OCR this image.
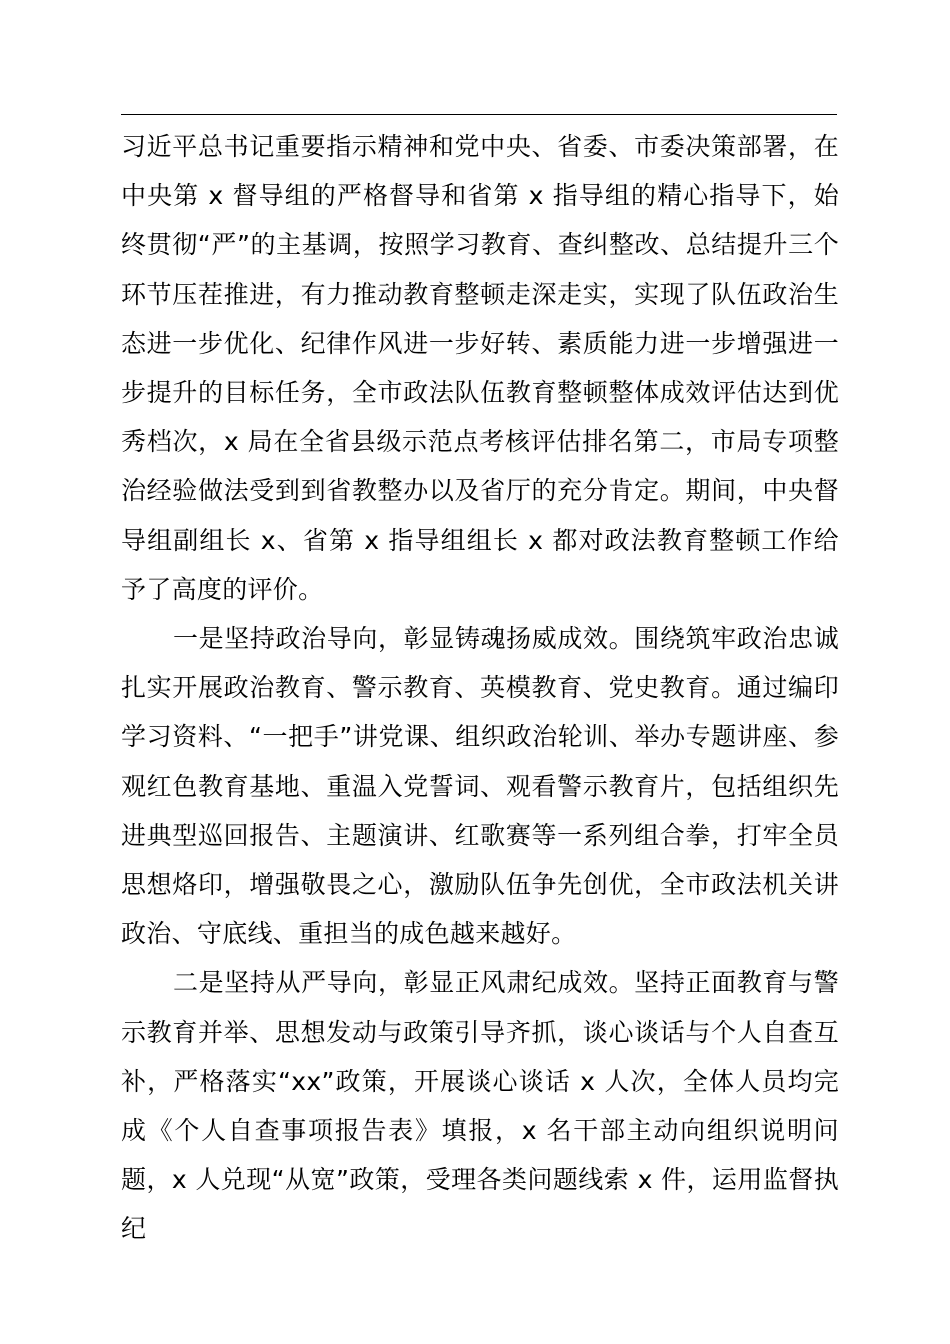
习近平总书记重要指示精神和党中央、省委、市委决策部署，在中央第 x 督导组的严格督导和省第 x 指导组的精心指导下，始终贯彻“严”的主基调，按照学习教育、查纠整改、总结提升三个环节压茬推进，有力推动教育整顿走深走实，实现了队伍政治生态进一步优化、纪律作风进一步好转、素质能力进一步增强进一步提升的目标任务，全市政法队伍教育整顿整体成效评估达到优秀档次，x 局在全省县级示范点考核评估排名第二，市局专项整治经验做法受到到省教整办以及省厅的充分肯定。期间，中央督导组副组长 x、省第 x 指导组组长 x 都对政法教育整顿工作给予了高度的评价。

一是坚持政治导向，彰显铸魂扬威成效。围绕筑牢政治忠诚扎实开展政治教育、警示教育、英模教育、党史教育。通过编印学习资料、“一把手”讲党课、组织政治轮训、举办专题讲座、参观红色教育基地、重温入党誓词、观看警示教育片，包括组织先进典型巡回报告、主题演讲、红歌赛等一系列组合拳，打牢全员思想烙印，增强敬畏之心，激励队伍争先创优，全市政法机关讲政治、守底线、重担当的成色越来越好。

二是坚持从严导向，彰显正风肃纪成效。坚持正面教育与警示教育并举、思想发动与政策引导齐抓，谈心谈话与个人自查互补，严格落实“xx”政策，开展谈心谈话 x 人次，全体人员均完成《个人自查事项报告表》填报，x 名干部主动向组织说明问题，x 人兑现“从宽”政策，受理各类问题线索 x 件，运用监督执纪
